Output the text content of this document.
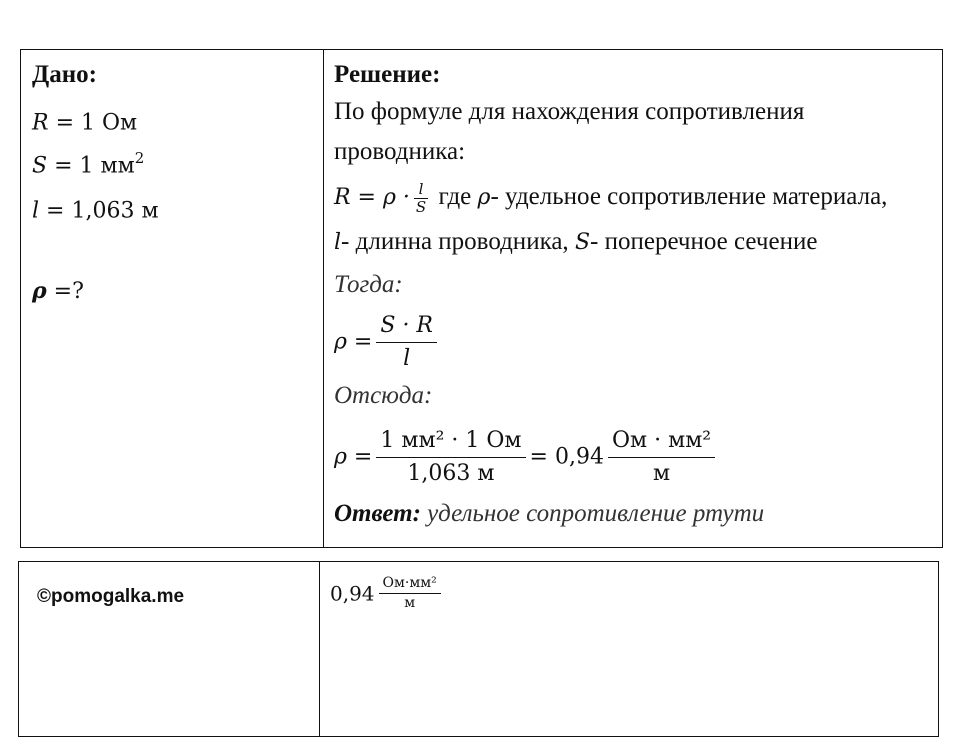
Дано:
R = 1 Ом
S = 1 $мм^2$
l = 1,063 м
ρ =?
Решение:
По формуле для нахождения сопротивления
проводника:
$R = \rho \cdot \frac{l}{S}$ где ρ- удельное сопротивление материала,
l- длинна проводника, S- поперечное сечение
Тогда:
$\rho = \frac{S \cdot R}{l}$
Отсюда:
$\rho = \frac{\text{1 мм² · 1 Ом}}{1,063 м} = 0,94 \frac{\text{Ом · мм²}}{м}$
Ответ: удельное сопротивление ртути
©pomogalka.me	$0,94 \frac{\text{Ом·мм²}}{м}$
